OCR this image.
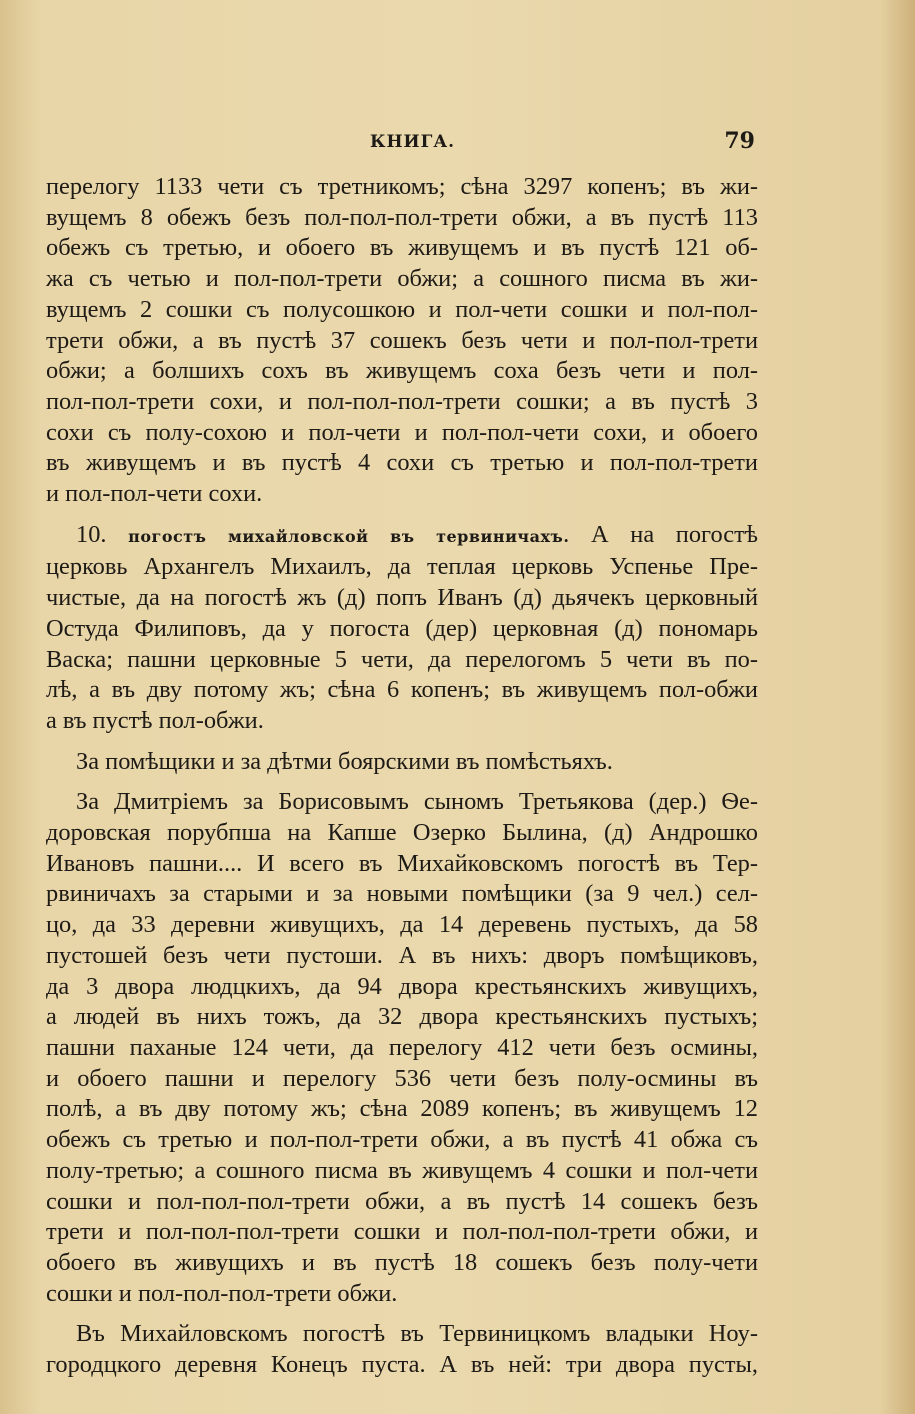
КНИГА.	79

перелогу 1133 чети съ третникомъ; сѣна 3297 копенъ; въ жи-
вущемъ 8 обежъ безъ пол-пол-пол-трети обжи, а въ пустѣ 113
обежъ съ третью, и обоего въ живущемъ и въ пустѣ 121 об-
жа съ четью и пол-пол-трети обжи; а сошного писма въ жи-
вущемъ 2 сошки съ полусошкою и пол-чети сошки и пол-пол-
трети обжи, а въ пустѣ 37 сошекъ безъ чети и пол-пол-трети
обжи; а болшихъ сохъ въ живущемъ соха безъ чети и пол-
пол-пол-трети сохи, и пол-пол-пол-трети сошки; а въ пустѣ 3
сохи съ полу-сохою и пол-чети и пол-пол-чети сохи, и обоего
въ живущемъ и въ пустѣ 4 сохи съ третью и пол-пол-трети
и пол-пол-чети сохи.

10. погостъ михайловской въ тервиничахъ. А на погостѣ
церковь Архангелъ Михаилъ, да теплая церковь Успенье Пре-
чистые, да на погостѣ жъ (д) попъ Иванъ (д) дьячекъ церковный
Остуда Филиповъ, да у погоста (дер) церковная (д) пономарь
Васка; пашни церковные 5 чети, да перелогомъ 5 чети въ по-
лѣ, а въ дву потому жъ; сѣна 6 копенъ; въ живущемъ пол-обжи
а въ пустѣ пол-обжи.

За помѣщики и за дѣтми боярскими въ помѣстьяхъ.

За Дмитріемъ за Борисовымъ сыномъ Третьякова (дер.) Ѳе-
доровская порубпша на Капше Озерко Былина, (д) Андрошко
Ивановъ пашни.... И всего въ Михайковскомъ погостѣ въ Тер-
рвиничахъ за старыми и за новыми помѣщики (за 9 чел.) сел-
цо, да 33 деревни живущихъ, да 14 деревень пустыхъ, да 58
пустошей безъ чети пустоши. А въ нихъ: дворъ помѣщиковъ,
да 3 двора людцкихъ, да 94 двора крестьянскихъ живущихъ,
а людей въ нихъ тожъ, да 32 двора крестьянскихъ пустыхъ;
пашни паханые 124 чети, да перелогу 412 чети безъ осмины,
и обоего пашни и перелогу 536 чети безъ полу-осмины въ
полѣ, а въ дву потому жъ; сѣна 2089 копенъ; въ живущемъ 12
обежъ съ третью и пол-пол-трети обжи, а въ пустѣ 41 обжа съ
полу-третью; а сошного писма въ живущемъ 4 сошки и пол-чети
сошки и пол-пол-пол-трети обжи, а въ пустѣ 14 сошекъ безъ
трети и пол-пол-пол-трети сошки и пол-пол-пол-трети обжи, и
обоего въ живущихъ и въ пустѣ 18 сошекъ безъ полу-чети
сошки и пол-пол-пол-трети обжи.

Въ Михайловскомъ погостѣ въ Тервиницкомъ владыки Ноу-
городцкого деревня Конецъ пуста. А въ ней: три двора пусты,
